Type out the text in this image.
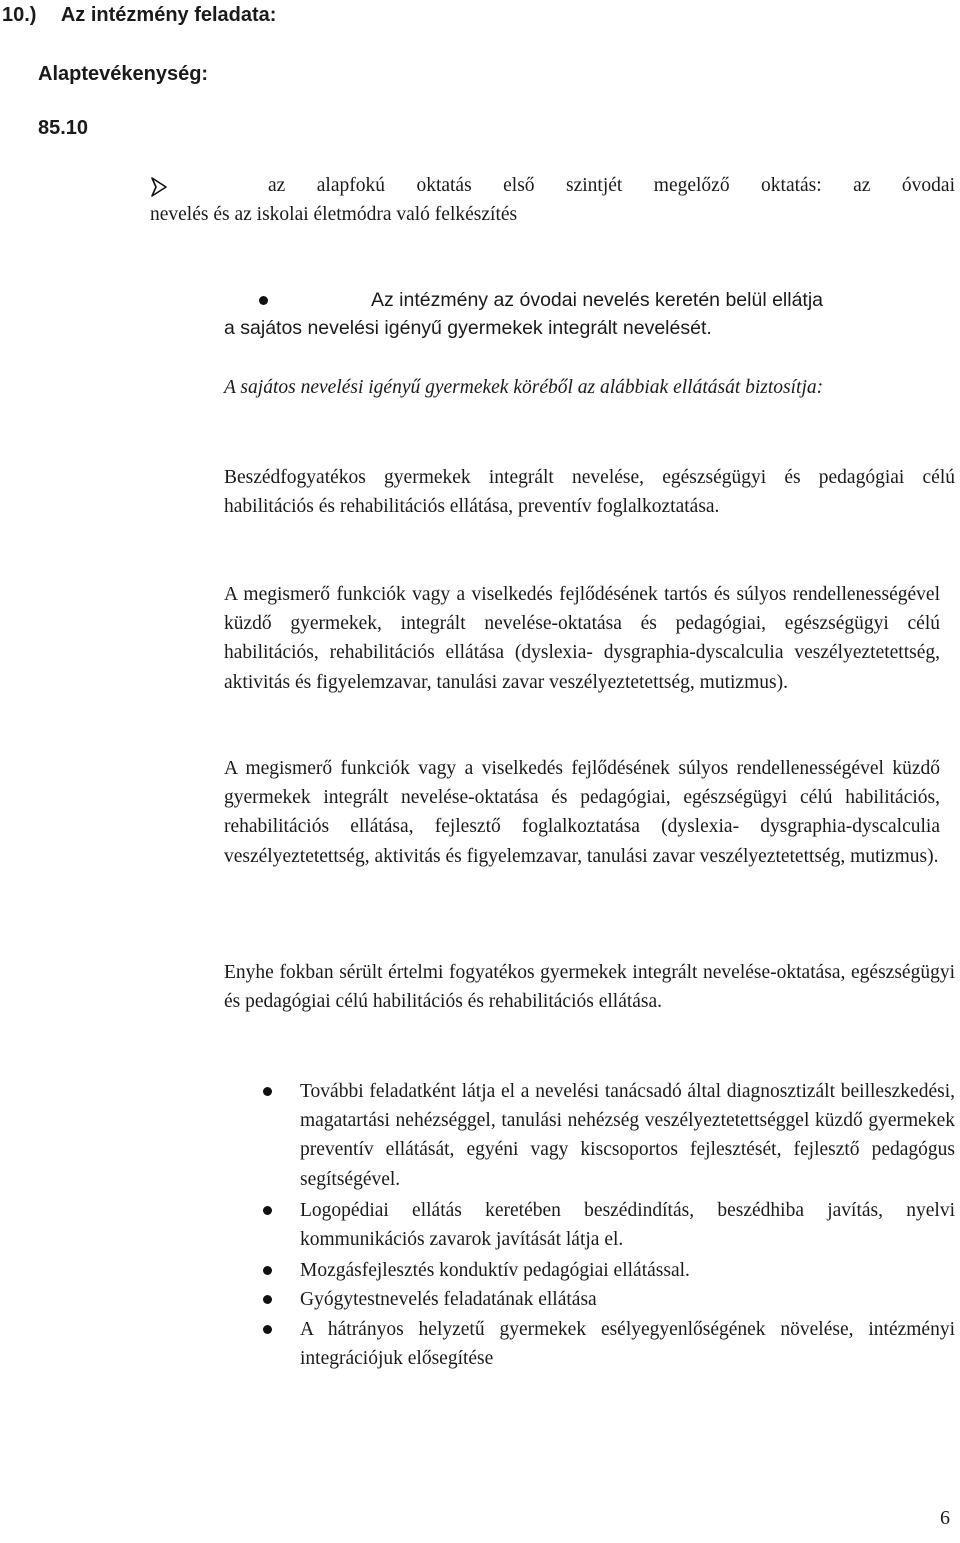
10.) Az intézmény feladata:
Alaptevékenység:
85.10
az alapfokú oktatás első szintjét megelőző oktatás: az óvodai
nevelés és az iskolai életmódra való felkészítés
Az intézmény az óvodai nevelés keretén belül ellátja
a sajátos nevelési igényű gyermekek integrált nevelését.
A sajátos nevelési igényű gyermekek köréből az alábbiak ellátását biztosítja:
Beszédfogyatékos gyermekek integrált nevelése, egészségügyi és pedagógiai célú habilitációs és rehabilitációs ellátása, preventív foglalkoztatása.
A megismerő funkciók vagy a viselkedés fejlődésének tartós és súlyos rendellenességével küzdő gyermekek, integrált nevelése-oktatása és pedagógiai, egészségügyi célú habilitációs, rehabilitációs ellátása (dyslexia- dysgraphia-dyscalculia veszélyeztetettség, aktivitás és figyelemzavar, tanulási zavar veszélyeztetettség, mutizmus).
A megismerő funkciók vagy a viselkedés fejlődésének súlyos rendellenességével küzdő gyermekek integrált nevelése-oktatása és pedagógiai, egészségügyi célú habilitációs, rehabilitációs ellátása, fejlesztő foglalkoztatása (dyslexia- dysgraphia-dyscalculia veszélyeztetettség, aktivitás és figyelemzavar, tanulási zavar veszélyeztetettség, mutizmus).
Enyhe fokban sérült értelmi fogyatékos gyermekek integrált nevelése-oktatása, egészségügyi és pedagógiai célú habilitációs és rehabilitációs ellátása.
További feladatként látja el a nevelési tanácsadó által diagnosztizált beilleszkedési, magatartási nehézséggel, tanulási nehézség veszélyeztetettséggel küzdő gyermekek preventív ellátását, egyéni vagy kiscsoportos fejlesztését, fejlesztő pedagógus segítségével.
Logopédiai ellátás keretében beszédindítás, beszédhiba javítás, nyelvi kommunikációs zavarok javítását látja el.
Mozgásfejlesztés konduktív pedagógiai ellátással.
Gyógytestnevelés feladatának ellátása
A hátrányos helyzetű gyermekek esélyegyenlőségének növelése, intézményi integrációjuk elősegítése
6
